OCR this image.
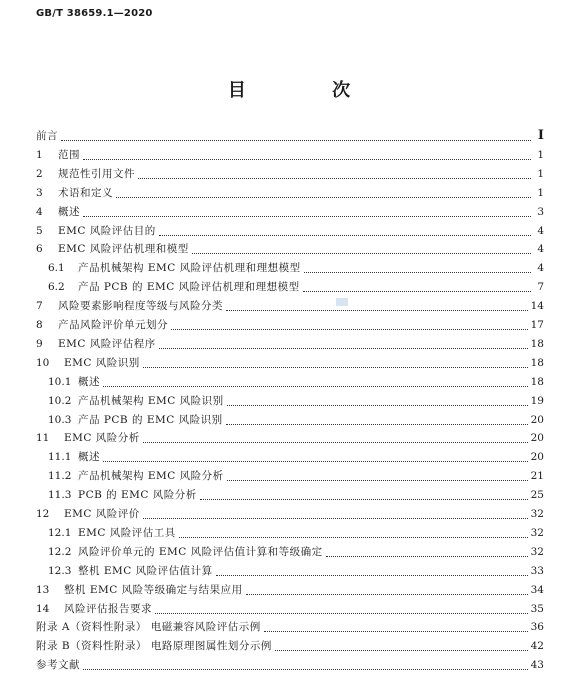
GB/T 38659.1—2020
目 次
前言	Ⅰ
1	范围	1
2	规范性引用文件	1
3	术语和定义	1
4	概述	3
5	EMC 风险评估目的	4
6	EMC 风险评估机理和模型	4
6.1	产品机械架构 EMC 风险评估机理和理想模型	4
6.2	产品 PCB 的 EMC 风险评估机理和理想模型	7
7	风险要素影响程度等级与风险分类	14
8	产品风险评价单元划分	17
9	EMC 风险评估程序	18
10	EMC 风险识别	18
10.1 概述	18
10.2 产品机械架构 EMC 风险识别	19
10.3 产品 PCB 的 EMC 风险识别	20
11	EMC 风险分析	20
11.1 概述	20
11.2 产品机械架构 EMC 风险分析	21
11.3 PCB 的 EMC 风险分析	25
12	EMC 风险评价	32
12.1 EMC 风险评估工具	32
12.2 风险评价单元的 EMC 风险评估值计算和等级确定	32
12.3 整机 EMC 风险评估值计算	33
13	整机 EMC 风险等级确定与结果应用	34
14	风险评估报告要求	35
附录 A（资料性附录） 电磁兼容风险评估示例	36
附录 B（资料性附录） 电路原理图属性划分示例	42
参考文献	43
